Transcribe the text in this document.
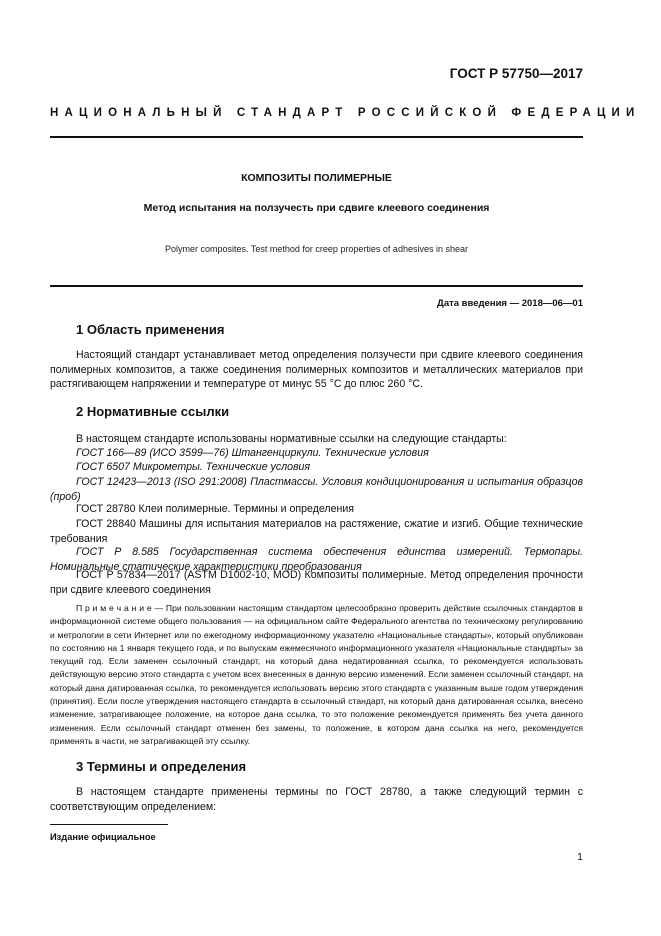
ГОСТ Р 57750—2017
НАЦИОНАЛЬНЫЙ СТАНДАРТ РОССИЙСКОЙ ФЕДЕРАЦИИ
КОМПОЗИТЫ ПОЛИМЕРНЫЕ
Метод испытания на ползучесть при сдвиге клеевого соединения
Polymer composites. Test method for creep properties of adhesives in shear
Дата введения — 2018—06—01
1 Область применения
Настоящий стандарт устанавливает метод определения ползучести при сдвиге клеевого соединения полимерных композитов, а также соединения полимерных композитов и металлических материалов при растягивающем напряжении и температуре от минус 55 °С до плюс 260 °С.
2 Нормативные ссылки
В настоящем стандарте использованы нормативные ссылки на следующие стандарты:
ГОСТ 166—89 (ИСО 3599—76) Штангенциркули. Технические условия
ГОСТ 6507 Микрометры. Технические условия
ГОСТ 12423—2013 (ISO 291:2008) Пластмассы. Условия кондиционирования и испытания образцов (проб)
ГОСТ 28780 Клеи полимерные. Термины и определения
ГОСТ 28840 Машины для испытания материалов на растяжение, сжатие и изгиб. Общие технические требования
ГОСТ Р 8.585 Государственная система обеспечения единства измерений. Термопары. Номинальные статические характеристики преобразования
ГОСТ Р 57834—2017 (ASTM D1002-10, MOD) Композиты полимерные. Метод определения прочности при сдвиге клеевого соединения
П р и м е ч а н и е — При пользовании настоящим стандартом целесообразно проверить действие ссылочных стандартов в информационной системе общего пользования — на официальном сайте Федерального агентства по техническому регулированию и метрологии в сети Интернет или по ежегодному информационному указателю «Национальные стандарты», который опубликован по состоянию на 1 января текущего года, и по выпускам ежемесячного информационного указателя «Национальные стандарты» за текущий год. Если заменен ссылочный стандарт, на который дана недатированная ссылка, то рекомендуется использовать действующую версию этого стандарта с учетом всех внесенных в данную версию изменений. Если заменен ссылочный стандарт, на который дана датированная ссылка, то рекомендуется использовать версию этого стандарта с указанным выше годом утверждения (принятия). Если после утверждения настоящего стандарта в ссылочный стандарт, на который дана датированная ссылка, внесено изменение, затрагивающее положение, на которое дана ссылка, то это положение рекомендуется применять без учета данного изменения. Если ссылочный стандарт отменен без замены, то положение, в котором дана ссылка на него, рекомендуется применять в части, не затрагивающей эту ссылку.
3 Термины и определения
В настоящем стандарте применены термины по ГОСТ 28780, а также следующий термин с соответствующим определением:
Издание официальное
1
